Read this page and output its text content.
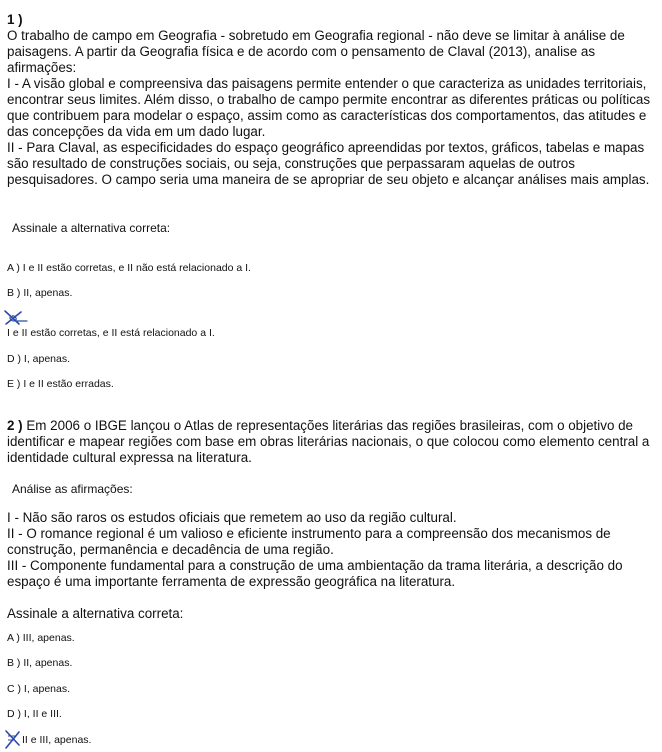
1 )

O trabalho de campo em Geografia - sobretudo em Geografia regional - não deve se limitar à análise de paisagens. A partir da Geografia física e de acordo com o pensamento de Claval (2013), analise as afirmações:

I - A visão global e compreensiva das paisagens permite entender o que caracteriza as unidades territoriais, encontrar seus limites. Além disso, o trabalho de campo permite encontrar as diferentes práticas ou políticas que contribuem para modelar o espaço, assim como as características dos comportamentos, das atitudes e das concepções da vida em um dado lugar.

II - Para Claval, as especificidades do espaço geográfico apreendidas por textos, gráficos, tabelas e mapas são resultado de construções sociais, ou seja, construções que perpassaram aquelas de outros pesquisadores. O campo seria uma maneira de se apropriar de seu objeto e alcançar análises mais amplas.

Assinale a alternativa correta:

A ) I e II estão corretas, e II não está relacionado a I.
B ) II, apenas.
I e II estão corretas, e II está relacionado a I.
D ) I, apenas.
E ) I e II estão erradas.

2 ) Em 2006 o IBGE lançou o Atlas de representações literárias das regiões brasileiras, com o objetivo de identificar e mapear regiões com base em obras literárias nacionais, o que colocou como elemento central a identidade cultural expressa na literatura.

Análise as afirmações:

I - Não são raros os estudos oficiais que remetem ao uso da região cultural.

II - O romance regional é um valioso e eficiente instrumento para a compreensão dos mecanismos de construção, permanência e decadência de uma região.

III - Componente fundamental para a construção de uma ambientação da trama literária, a descrição do espaço é uma importante ferramenta de expressão geográfica na literatura.

Assinale a alternativa correta:

A ) III, apenas.
B ) II, apenas.
C ) I, apenas.
D ) I, II e III.
II e III, apenas.
